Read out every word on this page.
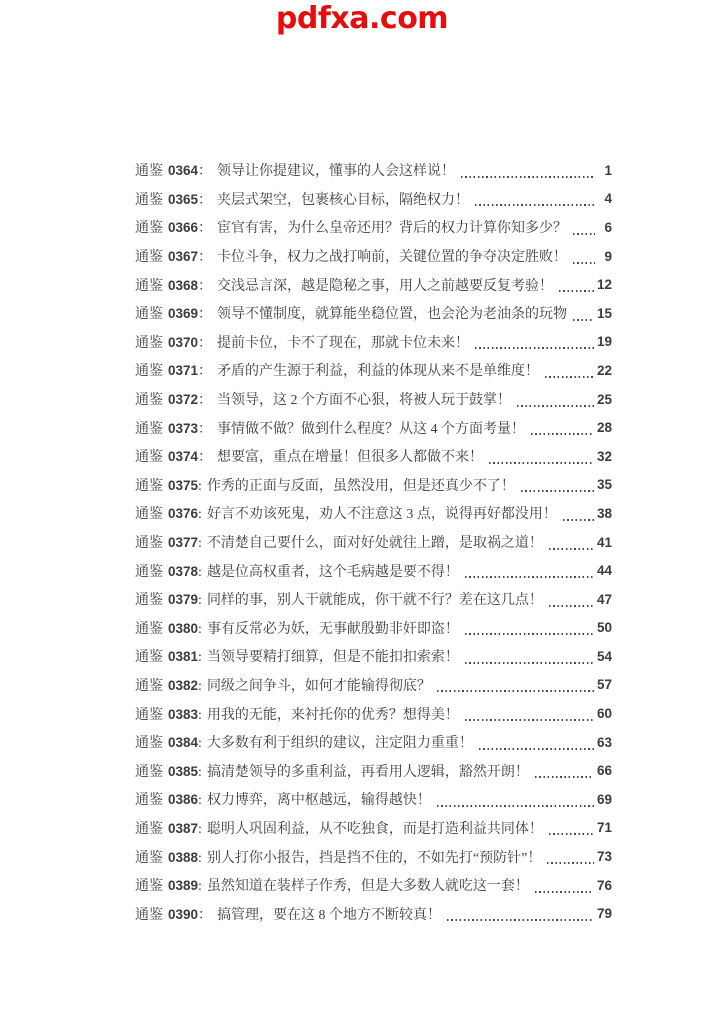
pdfxa.com
通鉴 0364 ： 领导让你提建议，懂事的人会这样说！	1
通鉴 0365 ： 夹层式架空，包裹核心目标，隔绝权力！	4
通鉴 0366 ： 宦官有害，为什么皇帝还用？背后的权力计算你知多少？	6
通鉴 0367 ： 卡位斗争，权力之战打响前，关键位置的争夺决定胜败！	9
通鉴 0368 ： 交浅忌言深，越是隐秘之事，用人之前越要反复考验！	12
通鉴 0369 ： 领导不懂制度，就算能坐稳位置，也会沦为老油条的玩物 15
通鉴 0370 ： 提前卡位，卡不了现在，那就卡位未来！	19
通鉴 0371 ： 矛盾的产生源于利益，利益的体现从来不是单维度！	22
通鉴 0372 ： 当领导，这 2 个方面不心狠，将被人玩于鼓掌！	25
通鉴 0373 ： 事情做不做？做到什么程度？从这 4 个方面考量！	28
通鉴 0374 ： 想要富，重点在增量！但很多人都做不来！	32
通鉴 0375 : 作秀的正面与反面，虽然没用，但是还真少不了！	35
通鉴 0376 : 好言不劝该死鬼，劝人不注意这 3 点，说得再好都没用！	38
通鉴 0377 : 不清楚自己要什么，面对好处就往上蹭，是取祸之道！	41
通鉴 0378 : 越是位高权重者，这个毛病越是要不得！	44
通鉴 0379 : 同样的事，别人干就能成，你干就不行？差在这几点！	47
通鉴 0380 : 事有反常必为妖，无事献殷勤非奸即盗！	50
通鉴 0381 : 当领导要精打细算，但是不能扣扣索索！	54
通鉴 0382 : 同级之间争斗，如何才能输得彻底？	57
通鉴 0383 : 用我的无能，来衬托你的优秀？想得美！	60
通鉴 0384 : 大多数有利于组织的建议，注定阻力重重！	63
通鉴 0385 : 搞清楚领导的多重利益，再看用人逻辑，豁然开朗！	66
通鉴 0386 : 权力博弈，离中枢越远，输得越快！	69
通鉴 0387 : 聪明人巩固利益，从不吃独食，而是打造利益共同体！	71
通鉴 0388 : 别人打你小报告，挡是挡不住的，不如先打“预防针”！	73
通鉴 0389 : 虽然知道在装样子作秀，但是大多数人就吃这一套！	76
通鉴 0390 ： 搞管理，要在这 8 个地方不断较真！	79
